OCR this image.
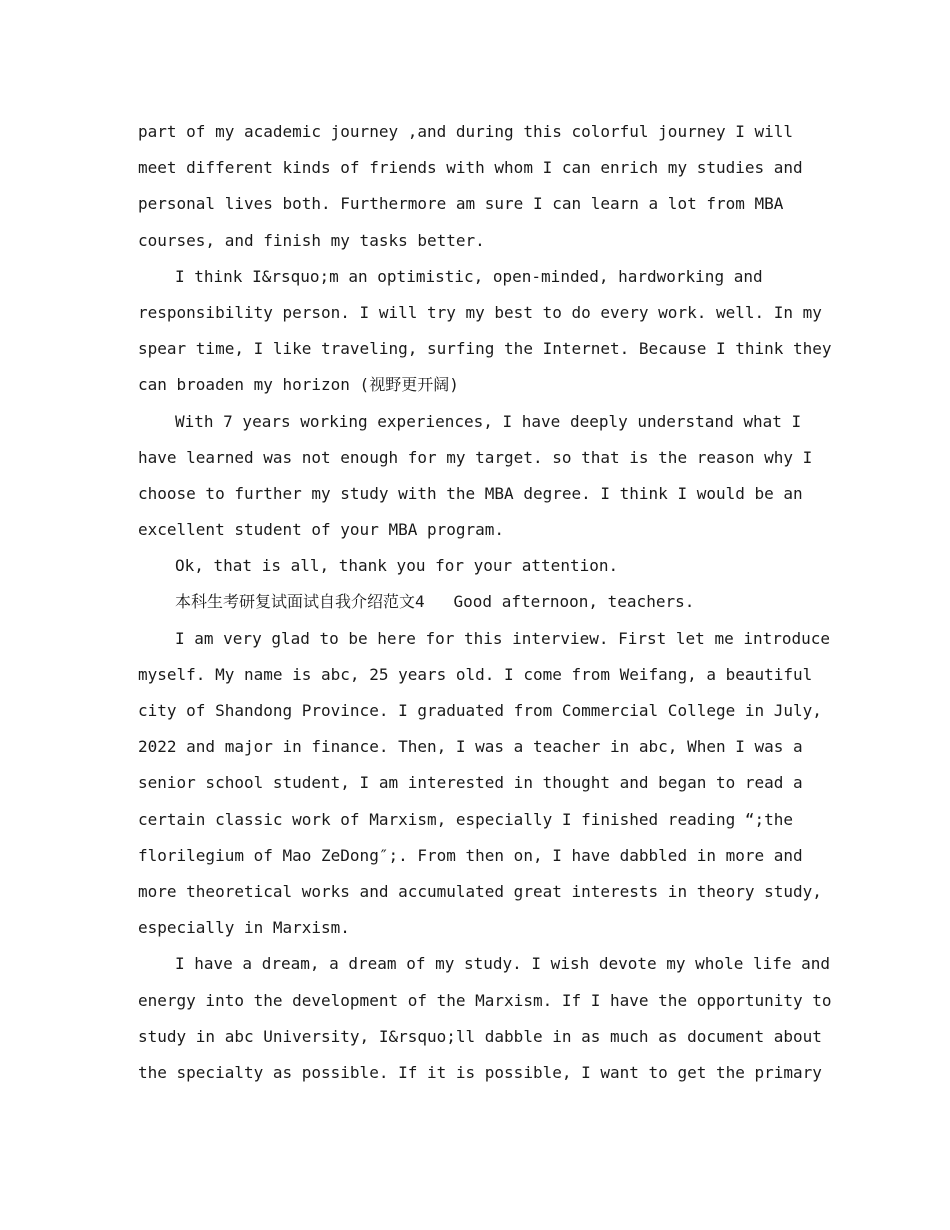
part of my academic journey ,and during this colorful journey I will
meet different kinds of friends with whom I can enrich my studies and
personal lives both. Furthermore am sure I can learn a lot from MBA
courses, and finish my tasks better.
I think I&rsquo;m an optimistic, open-minded, hardworking and
responsibility person. I will try my best to do every work. well. In my
spear time, I like traveling, surfing the Internet. Because I think they
can broaden my horizon (视野更开阔)
With 7 years working experiences, I have deeply understand what I
have learned was not enough for my target. so that is the reason why I
choose to further my study with the MBA degree. I think I would be an
excellent student of your MBA program.
Ok, that is all, thank you for your attention.
本科生考研复试面试自我介绍范文4   Good afternoon, teachers.
I am very glad to be here for this interview. First let me introduce
myself. My name is abc, 25 years old. I come from Weifang, a beautiful
city of Shandong Province. I graduated from Commercial College in July,
2022 and major in finance. Then, I was a teacher in abc, When I was a
senior school student, I am interested in thought and began to read a
certain classic work of Marxism, especially I finished reading “;the
florilegium of Mao ZeDong″;. From then on, I have dabbled in more and
more theoretical works and accumulated great interests in theory study,
especially in Marxism.
I have a dream, a dream of my study. I wish devote my whole life and
energy into the development of the Marxism. If I have the opportunity to
study in abc University, I&rsquo;ll dabble in as much as document about
the specialty as possible. If it is possible, I want to get the primary
